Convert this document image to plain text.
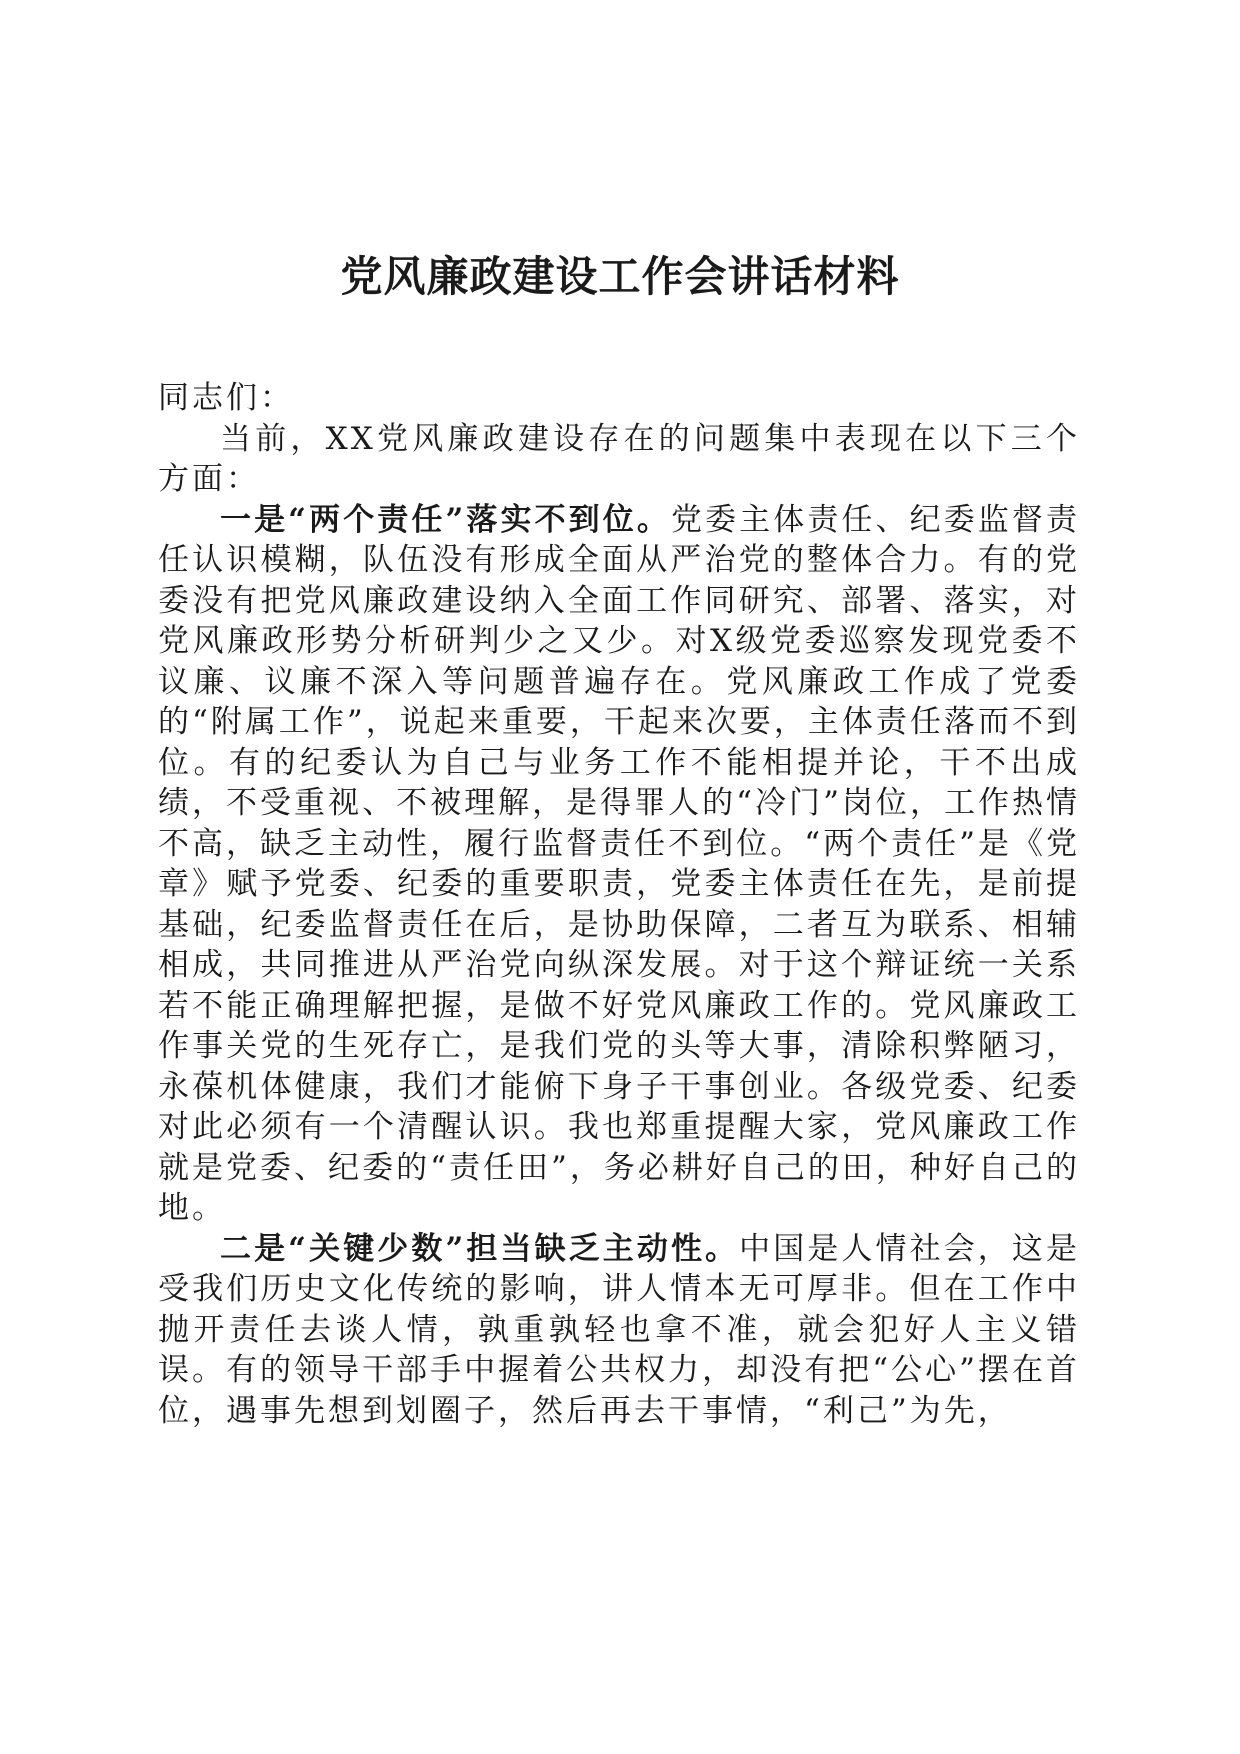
党风廉政建设工作会讲话材料

同志们：

当前，XX党风廉政建设存在的问题集中表现在以下三个方面：

一是“两个责任”落实不到位。党委主体责任、纪委监督责任认识模糊，队伍没有形成全面从严治党的整体合力。有的党委没有把党风廉政建设纳入全面工作同研究、部署、落实，对党风廉政形势分析研判少之又少。对X级党委巡察发现党委不议廉、议廉不深入等问题普遍存在。党风廉政工作成了党委的“附属工作”，说起来重要，干起来次要，主体责任落而不到位。有的纪委认为自己与业务工作不能相提并论，干不出成绩，不受重视、不被理解，是得罪人的“冷门”岗位，工作热情不高，缺乏主动性，履行监督责任不到位。“两个责任”是《党章》赋予党委、纪委的重要职责，党委主体责任在先，是前提基础，纪委监督责任在后，是协助保障，二者互为联系、相辅相成，共同推进从严治党向纵深发展。对于这个辩证统一关系若不能正确理解把握，是做不好党风廉政工作的。党风廉政工作事关党的生死存亡，是我们党的头等大事，清除积弊陋习，永葆机体健康，我们才能俯下身子干事创业。各级党委、纪委对此必须有一个清醒认识。我也郑重提醒大家，党风廉政工作就是党委、纪委的“责任田”，务必耕好自己的田，种好自己的地。

二是“关键少数”担当缺乏主动性。中国是人情社会，这是受我们历史文化传统的影响，讲人情本无可厚非。但在工作中抛开责任去谈人情，孰重孰轻也拿不准，就会犯好人主义错误。有的领导干部手中握着公共权力，却没有把“公心”摆在首位，遇事先想到划圈子，然后再去干事情，“利己”为先，
